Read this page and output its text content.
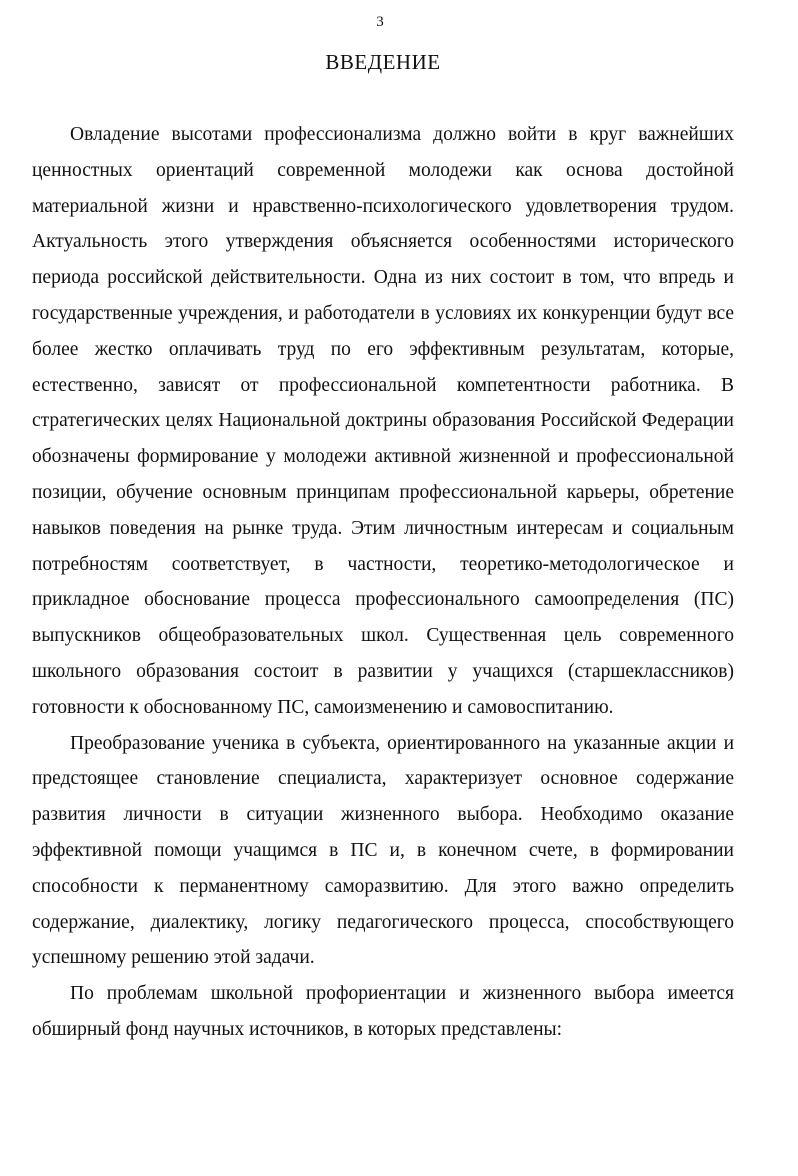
3
ВВЕДЕНИЕ

Овладение высотами профессионализма должно войти в круг важнейших ценностных ориентаций современной молодежи как основа достойной материальной жизни и нравственно-психологического удовлетворения трудом. Актуальность этого утверждения объясняется особенностями исторического периода российской действительности. Одна из них состоит в том, что впредь и государственные учреждения, и работодатели в условиях их конкуренции будут все более жестко оплачивать труд по его эффективным результатам, которые, естественно, зависят от профессиональной компетентности работника. В стратегических целях Национальной доктрины образования Российской Федерации обозначены формирование у молодежи активной жизненной и профессиональной позиции, обучение основным принципам профессиональной карьеры, обретение навыков поведения на рынке труда. Этим личностным интересам и социальным потребностям соответствует, в частности, теоретико-методологическое и прикладное обоснование процесса профессионального самоопределения (ПС) выпускников общеобразовательных школ. Существенная цель современного школьного образования состоит в развитии у учащихся (старшеклассников) готовности к обоснованному ПС, самоизменению и самовоспитанию.

Преобразование ученика в субъекта, ориентированного на указанные акции и предстоящее становление специалиста, характеризует основное содержание развития личности в ситуации жизненного выбора. Необходимо оказание эффективной помощи учащимся в ПС и, в конечном счете, в формировании способности к перманентному саморазвитию. Для этого важно определить содержание, диалектику, логику педагогического процесса, способствующего успешному решению этой задачи.

По проблемам школьной профориентации и жизненного выбора имеется обширный фонд научных источников, в которых представлены:
